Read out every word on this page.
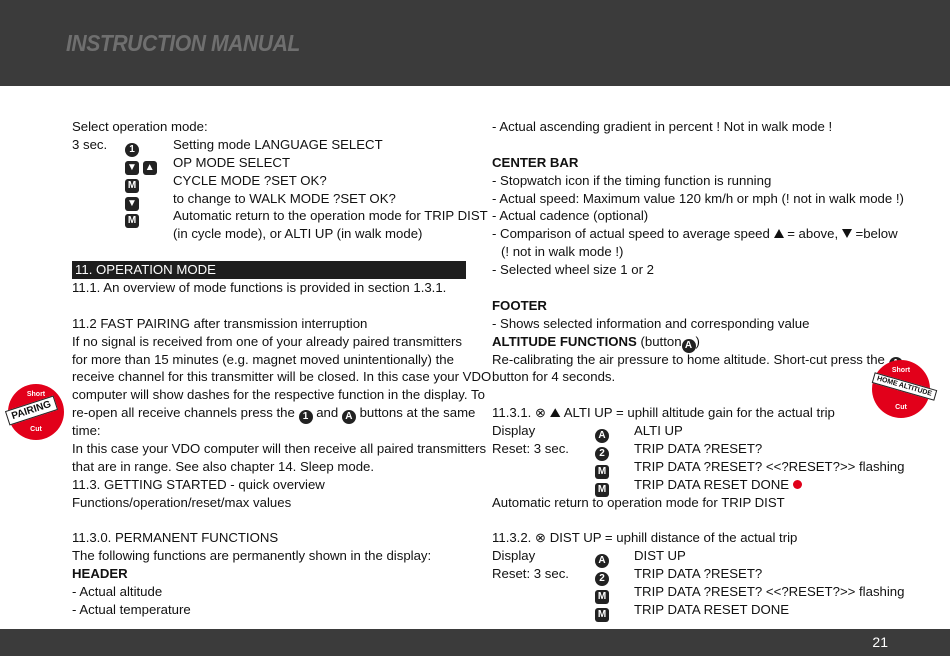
INSTRUCTION MANUAL
Select operation mode:
3 sec.	1	Setting mode LANGUAGE SELECT
▼ ▲ OP MODE SELECT
M	CYCLE MODE ?SET OK?
▼	to change to WALK MODE ?SET OK?
M	Automatic return to the operation mode for TRIP DIST
(in cycle mode), or ALTI UP (in walk mode)
11. OPERATION MODE
11.1. An overview of mode functions is provided in section 1.3.1.
11.2 FAST PAIRING after transmission interruption
If no signal is received from one of your already paired transmitters
for more than 15 minutes (e.g. magnet moved unintentionally) the
receive channel for this transmitter will be closed. In this case your VDO
computer will show dashes for the respective function in the display. To
re-open all receive channels press the 1 and A buttons at the same
time:
In this case your VDO computer will then receive all paired transmitters
that are in range. See also chapter 14. Sleep mode.
11.3. GETTING STARTED - quick overview
Functions/operation/reset/max values
11.3.0. PERMANENT FUNCTIONS
The following functions are permanently shown in the display:
HEADER
- Actual altitude
- Actual temperature
- Actual ascending gradient in percent ! Not in walk mode !
CENTER BAR
- Stopwatch icon if the timing function is running
- Actual speed: Maximum value 120 km/h or mph (! not in walk mode !)
- Actual cadence (optional)
- Comparison of actual speed to average speed = above, =below
(! not in walk mode !)
- Selected wheel size 1 or 2
FOOTER
- Shows selected information and corresponding value
ALTITUDE FUNCTIONS (button A )
Re-calibrating the air pressure to home altitude. Short-cut press the
button for 4 seconds.
11.3.1. ⊗ ⛰ ALTI UP = uphill altitude gain for the actual trip
Display	A ALTI UP
Reset: 3 sec.	2	TRIP DATA ?RESET?
M TRIP DATA ?RESET? <<?RESET?>> flashing
M TRIP DATA RESET DONE
Automatic return to operation mode for TRIP DIST
11.3.2. ⊗ DIST UP = uphill distance of the actual trip
Display	A DIST UP
Reset: 3 sec.	2	TRIP DATA ?RESET?
M TRIP DATA ?RESET? <<?RESET?>> flashing
M TRIP DATA RESET DONE
Short
PAIRING
Cut
Short
HOME ALTITUDE
Cut
21
